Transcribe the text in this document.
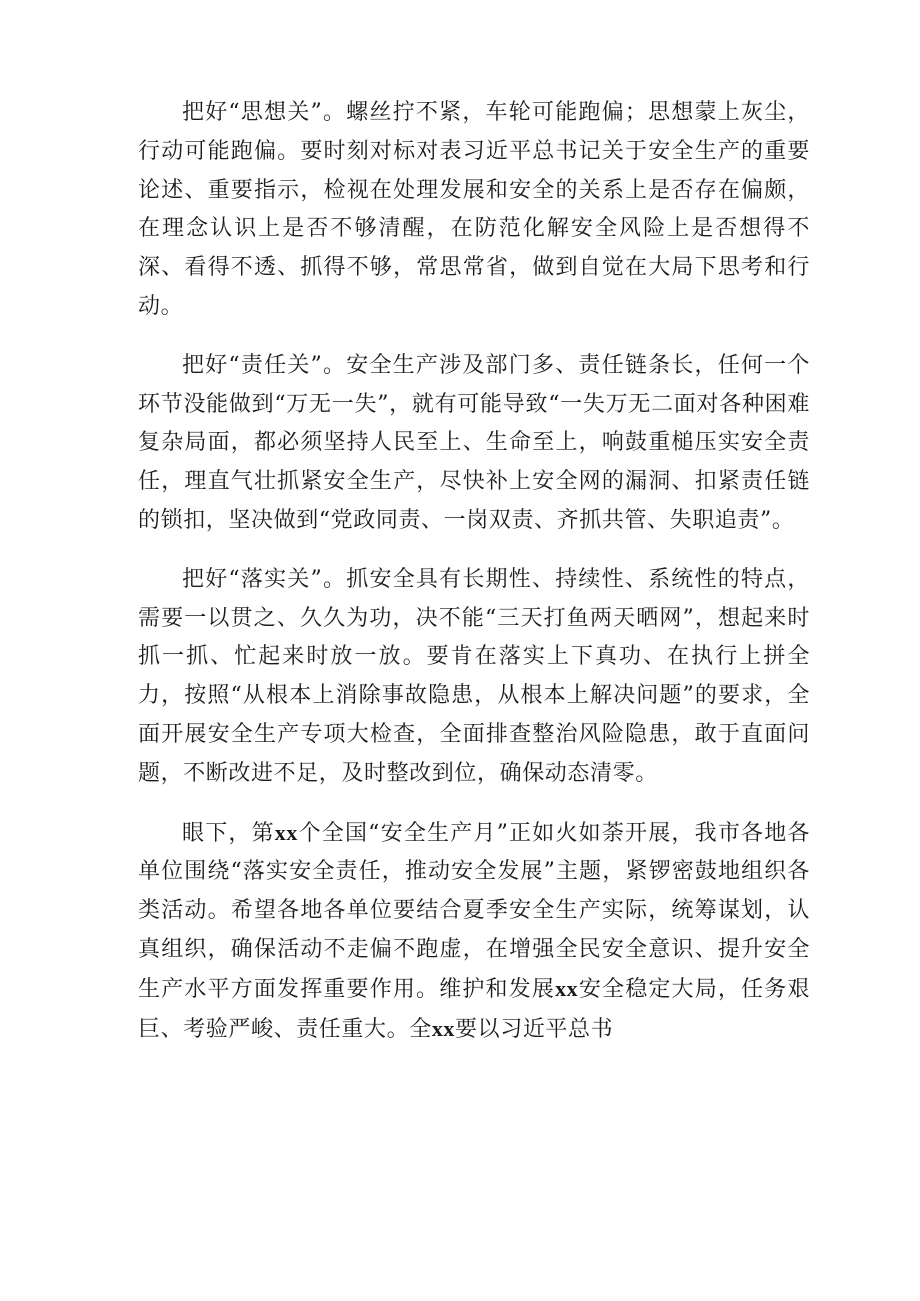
把好“思想关”。螺丝拧不紧，车轮可能跑偏；思想蒙上灰尘，行动可能跑偏。要时刻对标对表习近平总书记关于安全生产的重要论述、重要指示，检视在处理发展和安全的关系上是否存在偏颇，在理念认识上是否不够清醒，在防范化解安全风险上是否想得不深、看得不透、抓得不够，常思常省，做到自觉在大局下思考和行动。

把好“责任关”。安全生产涉及部门多、责任链条长，任何一个环节没能做到“万无一失”，就有可能导致“一失万无二面对各种困难复杂局面，都必须坚持人民至上、生命至上，响鼓重槌压实安全责任，理直气壮抓紧安全生产，尽快补上安全网的漏洞、扣紧责任链的锁扣，坚决做到“党政同责、一岗双责、齐抓共管、失职追责”。

把好“落实关”。抓安全具有长期性、持续性、系统性的特点，需要一以贯之、久久为功，决不能“三天打鱼两天晒网”，想起来时抓一抓、忙起来时放一放。要肯在落实上下真功、在执行上拼全力，按照“从根本上消除事故隐患，从根本上解决问题”的要求，全面开展安全生产专项大检查，全面排查整治风险隐患，敢于直面问题，不断改进不足，及时整改到位，确保动态清零。

眼下，第xx个全国“安全生产月”正如火如荼开展，我市各地各单位围绕“落实安全责任，推动安全发展”主题，紧锣密鼓地组织各类活动。希望各地各单位要结合夏季安全生产实际，统筹谋划，认真组织，确保活动不走偏不跑虚，在增强全民安全意识、提升安全生产水平方面发挥重要作用。维护和发展xx安全稳定大局，任务艰巨、考验严峻、责任重大。全xx要以习近平总书
